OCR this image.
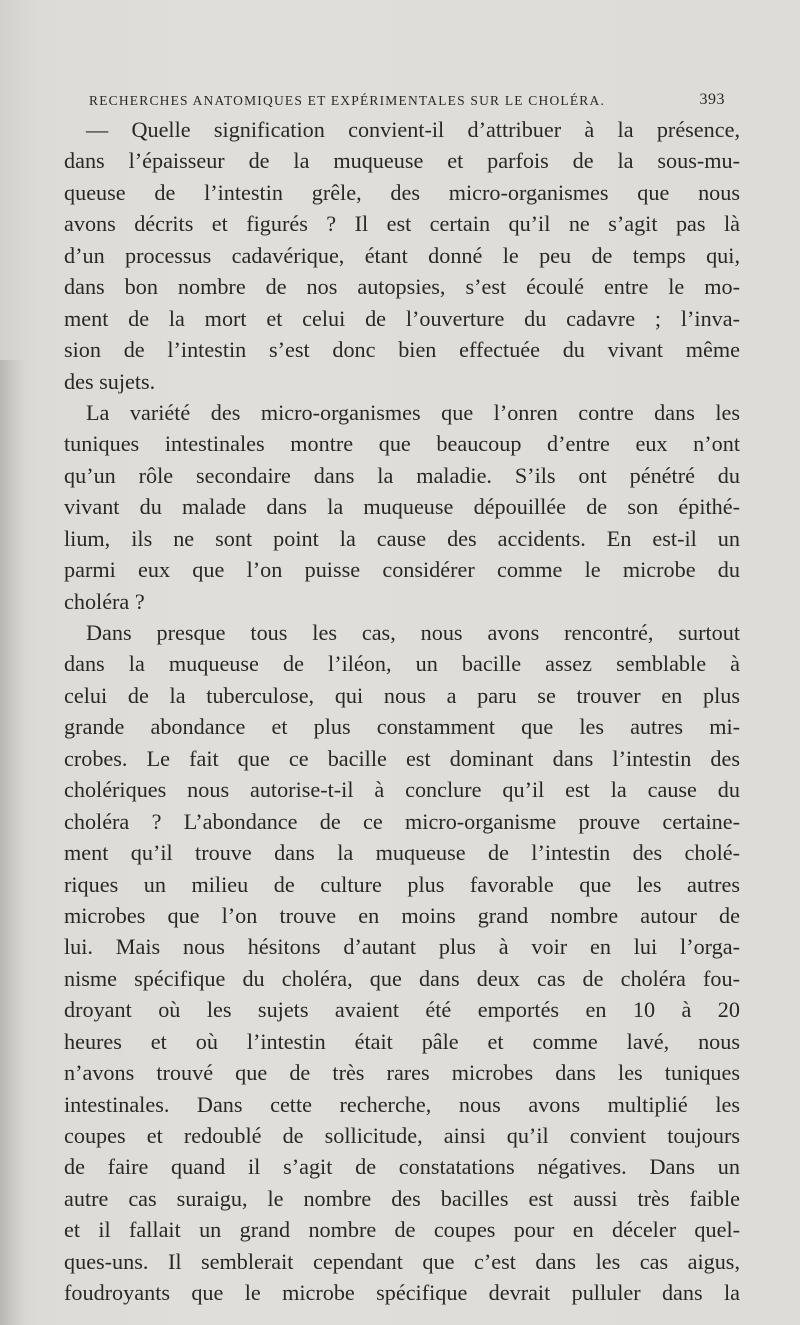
RECHERCHES ANATOMIQUES ET EXPÉRIMENTALES SUR LE CHOLÉRA.	393
— Quelle signification convient-il d’attribuer à la présence,
dans l’épaisseur de la muqueuse et parfois de la sous-mu-
queuse de l’intestin grêle, des micro-organismes que nous
avons décrits et figurés ? Il est certain qu’il ne s’agit pas là
d’un processus cadavérique, étant donné le peu de temps qui,
dans bon nombre de nos autopsies, s’est écoulé entre le mo-
ment de la mort et celui de l’ouverture du cadavre ; l’inva-
sion de l’intestin s’est donc bien effectuée du vivant même
des sujets.
La variété des micro-organismes que l’onren contre dans les
tuniques intestinales montre que beaucoup d’entre eux n’ont
qu’un rôle secondaire dans la maladie. S’ils ont pénétré du
vivant du malade dans la muqueuse dépouillée de son épithé-
lium, ils ne sont point la cause des accidents. En est-il un
parmi eux que l’on puisse considérer comme le microbe du
choléra ?
Dans presque tous les cas, nous avons rencontré, surtout
dans la muqueuse de l’iléon, un bacille assez semblable à
celui de la tuberculose, qui nous a paru se trouver en plus
grande abondance et plus constamment que les autres mi-
crobes. Le fait que ce bacille est dominant dans l’intestin des
cholériques nous autorise-t-il à conclure qu’il est la cause du
choléra ? L’abondance de ce micro-organisme prouve certaine-
ment qu’il trouve dans la muqueuse de l’intestin des cholé-
riques un milieu de culture plus favorable que les autres
microbes que l’on trouve en moins grand nombre autour de
lui. Mais nous hésitons d’autant plus à voir en lui l’orga-
nisme spécifique du choléra, que dans deux cas de choléra fou-
droyant où les sujets avaient été emportés en 10 à 20
heures et où l’intestin était pâle et comme lavé, nous
n’avons trouvé que de très rares microbes dans les tuniques
intestinales. Dans cette recherche, nous avons multiplié les
coupes et redoublé de sollicitude, ainsi qu’il convient toujours
de faire quand il s’agit de constatations négatives. Dans un
autre cas suraigu, le nombre des bacilles est aussi très faible
et il fallait un grand nombre de coupes pour en déceler quel-
ques-uns. Il semblerait cependant que c’est dans les cas aigus,
foudroyants que le microbe spécifique devrait pulluler dans la
